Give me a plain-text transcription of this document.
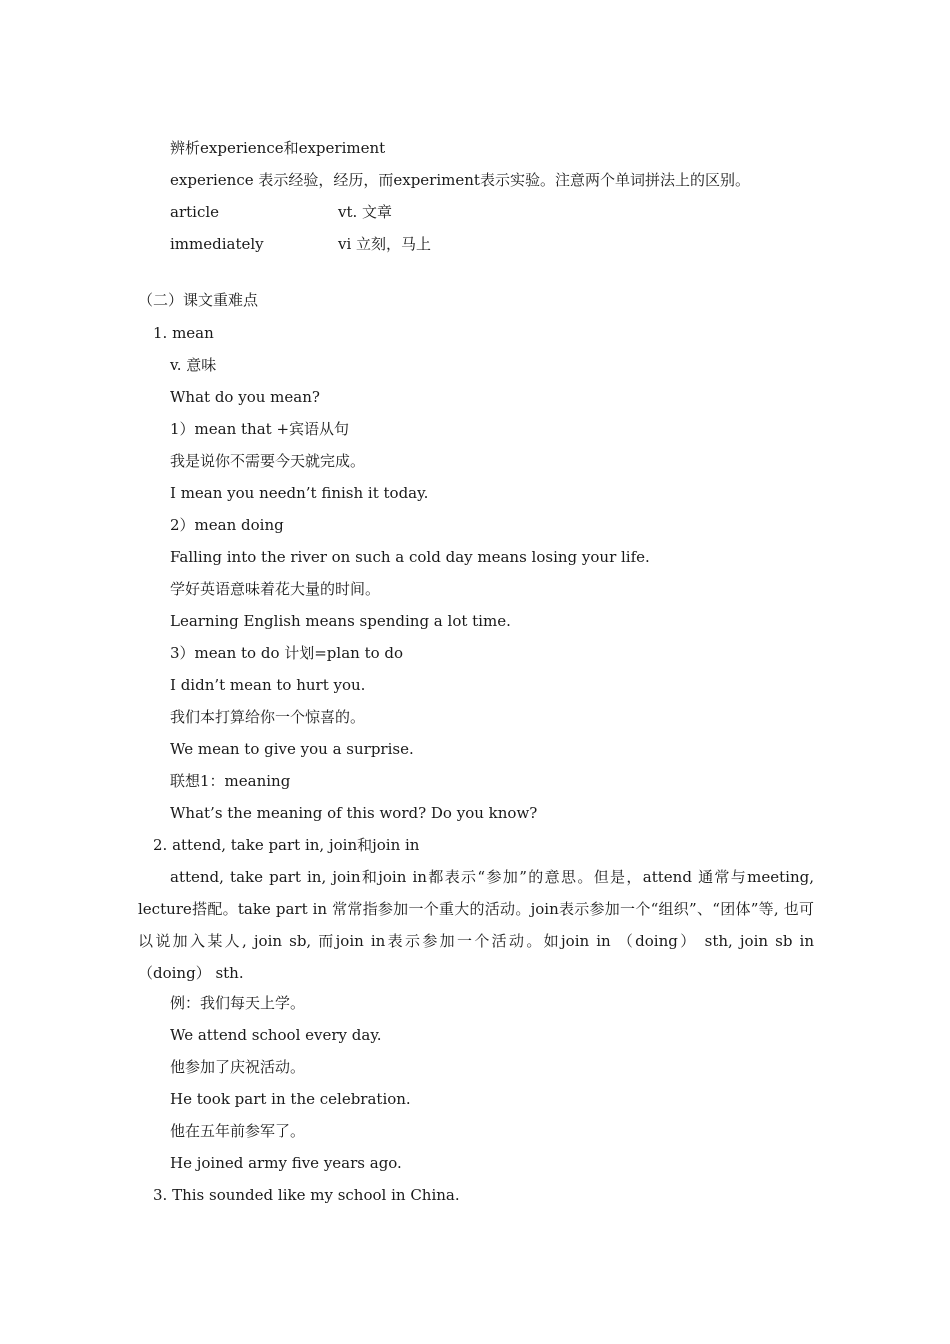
辨析experience和experiment
experience 表示经验，经历，而experiment表示实验。注意两个单词拼法上的区别。
article	vt. 文章
immediately	vi 立刻，马上
（二）课文重难点
1. mean
v. 意味
What do you mean?
1）mean that +宾语从句
我是说你不需要今天就完成。
I mean you needn’t finish it today.
2）mean doing
Falling into the river on such a cold day means losing your life.
学好英语意味着花大量的时间。
Learning English means spending a lot time.
3）mean to do 计划=plan to do
I didn’t mean to hurt you.
我们本打算给你一个惊喜的。
We mean to give you a surprise.
联想1：meaning
What’s the meaning of this word? Do you know?
2. attend, take part in, join和join in
attend, take part in, join和join in都表示“参加”的意思。但是，attend 通常与meeting, lecture搭配。take part in 常常指参加一个重大的活动。join表示参加一个“组织”、“团体”等, 也可以说加入某人, join sb, 而join in表示参加一个活动。如join in （doing） sth, join sb in （doing） sth.
例：我们每天上学。
We attend school every day.
他参加了庆祝活动。
He took part in the celebration.
他在五年前参军了。
He joined army five years ago.
3. This sounded like my school in China.
